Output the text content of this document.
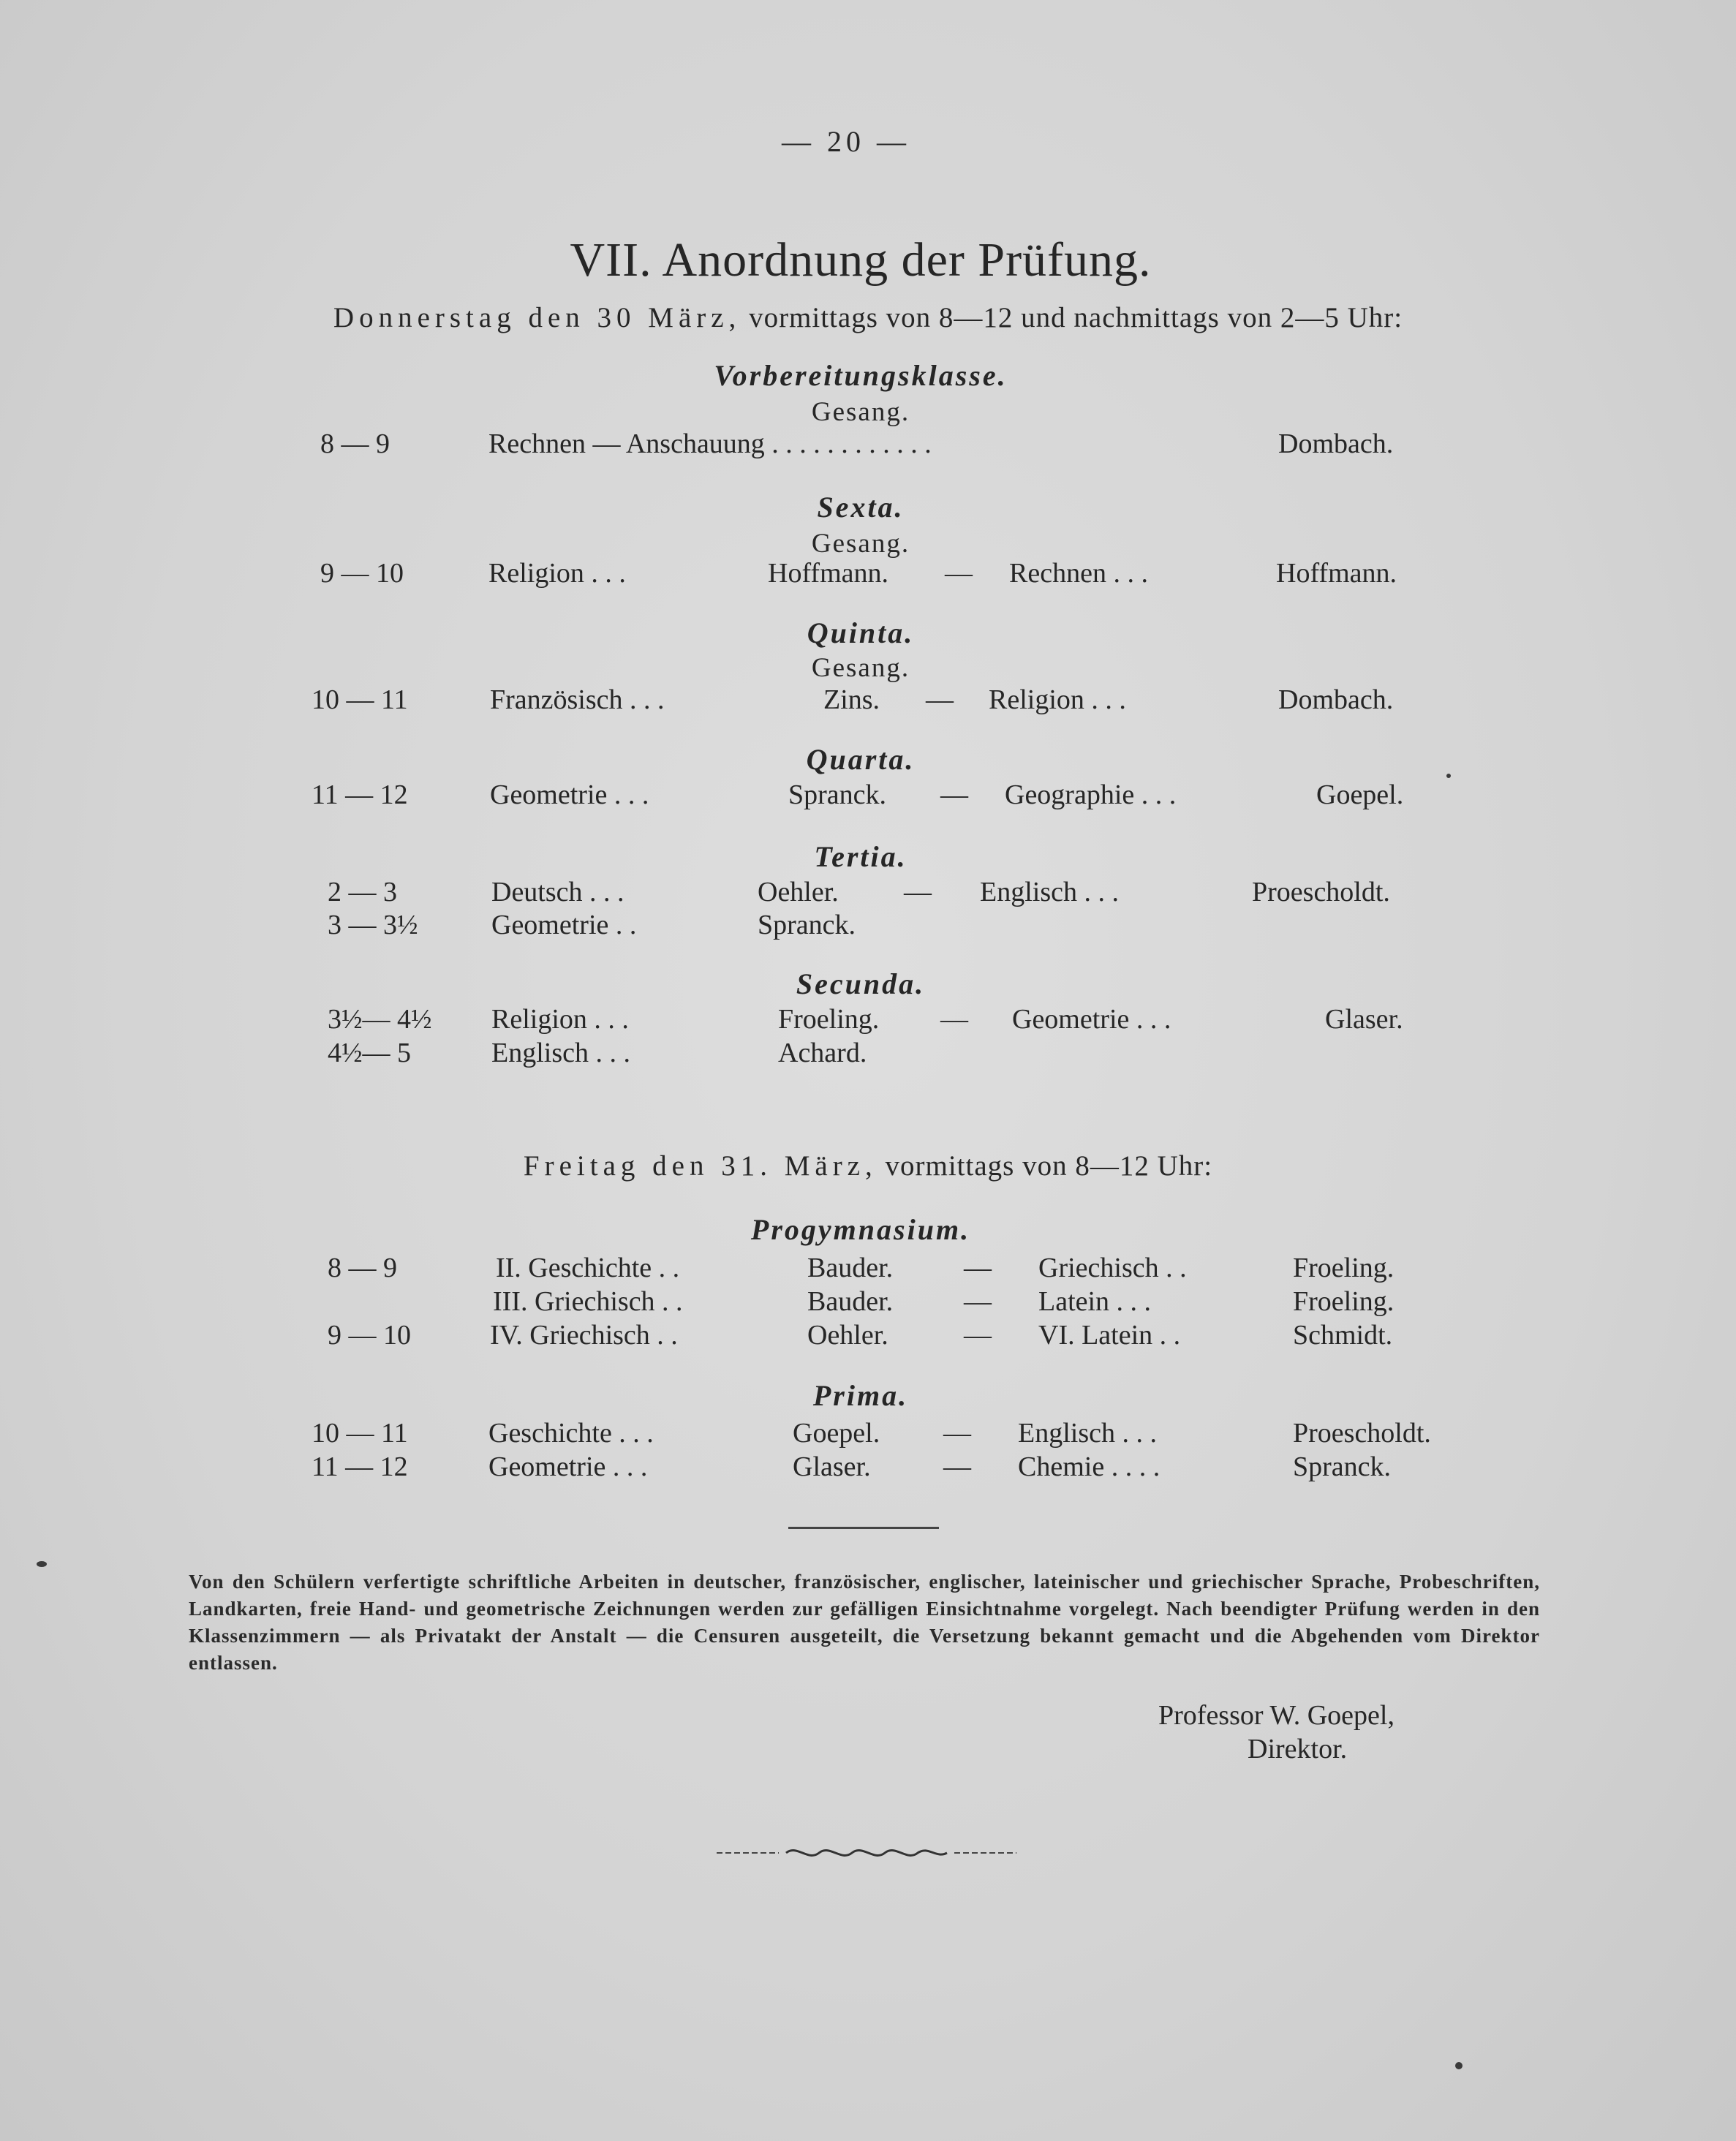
— 20 —
VII. Anordnung der Prüfung.
Donnerstag den 30 März, vormittags von 8—12 und nachmittags von 2—5 Uhr:
Vorbereitungsklasse.
Gesang.
8 — 9	Rechnen — Anschauung . . . . . . . . . . . .	Dombach.
Sexta.
Gesang.
9 — 10	Religion . . .	Hoffmann. — Rechnen . . .	Hoffmann.
Quinta.
Gesang.
10 — 11	Französisch . . .	Zins. — Religion . . .	Dombach.
Quarta.
11 — 12	Geometrie . . .	Spranck. — Geographie . . .	Goepel.
Tertia.
2 — 3	Deutsch . . .	Oehler. — Englisch . . .	Proescholdt.
3 — 3½	Geometrie . .	Spranck.
Secunda.
3½— 4½ Religion . . .	Froeling. — Geometrie . . .	Glaser.
4½— 5	Englisch . . .	Achard.
Freitag den 31. März, vormittags von 8—12 Uhr:
Progymnasium.
8 — 9	II. Geschichte . .	Bauder.	— Griechisch . .	Froeling.
III. Griechisch . .	Bauder.	— Latein . . .	Froeling.
9 — 10	IV. Griechisch . .	Oehler.	— VI. Latein . .	Schmidt.
Prima.
10 — 11	Geschichte . . .	Goepel. — Englisch . . .	Proescholdt.
11 — 12	Geometrie . . .	Glaser.	— Chemie . . . .	Spranck.
Von den Schülern verfertigte schriftliche Arbeiten in deutscher, französischer, englischer, lateinischer und griechischer Sprache, Probeschriften, Landkarten, freie Hand- und geometrische Zeichnungen werden zur gefälligen Einsichtnahme vorgelegt. Nach beendigter Prüfung werden in den Klassenzimmern — als Privatakt der Anstalt — die Censuren ausgeteilt, die Versetzung bekannt gemacht und die Abgehenden vom Direktor entlassen.
Professor W. Goepel,
Direktor.
